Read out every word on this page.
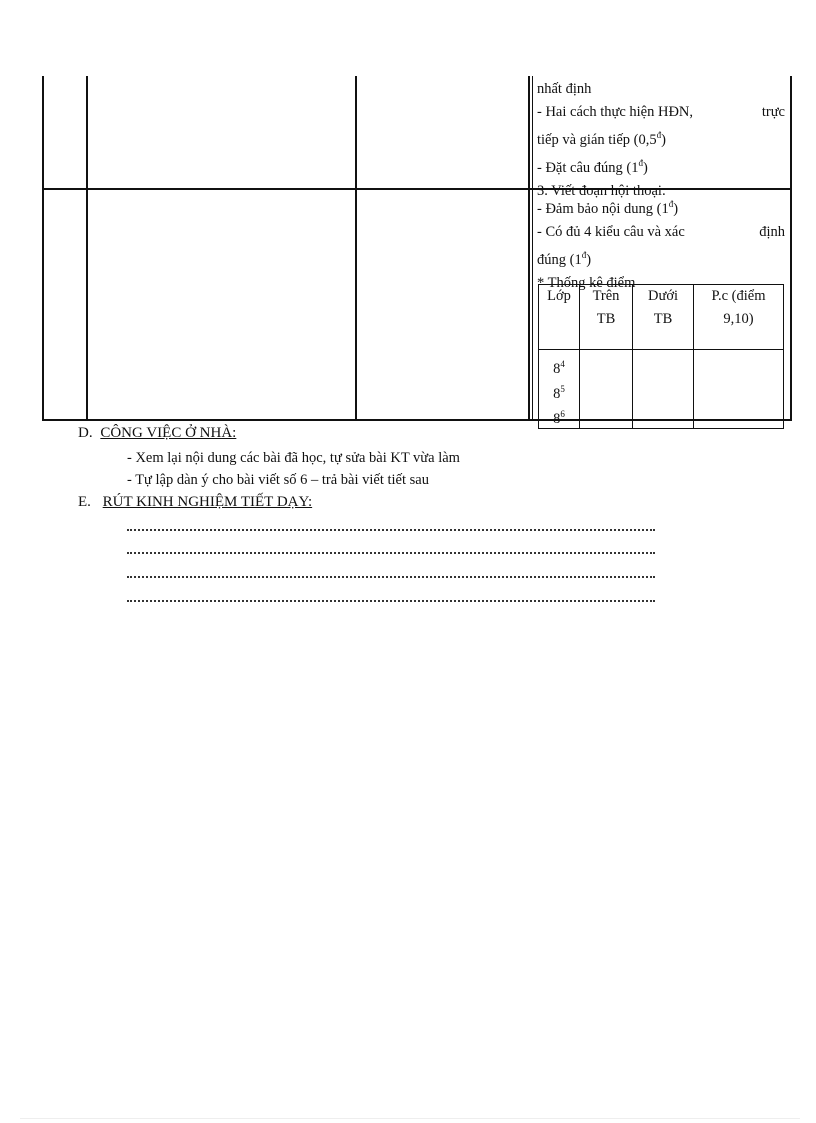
nhất định
- Hai cách thực hiện HĐN,	trực
tiếp và gián tiếp $(0,5^đ)$
- Đặt câu đúng $(1^đ)$
3. Viết đoạn hội thoại:
- Đảm bảo nội dung $(1^đ)$
- Có đủ 4 kiểu câu và xác	định
đúng $(1^đ)$
* Thống kê điểm
Lớp	Trên TB	Dưới TB	P.c (điểm 9,10)

$8^4$
$8^5$
$8^6$

D. CÔNG VIỆC Ở NHÀ:
- Xem lại nội dung các bài đã học, tự sửa bài KT vừa làm
- Tự lập dàn ý cho bài viết số 6 – trả bài viết tiết sau
E. RÚT KINH NGHIỆM TIẾT DẠY:
